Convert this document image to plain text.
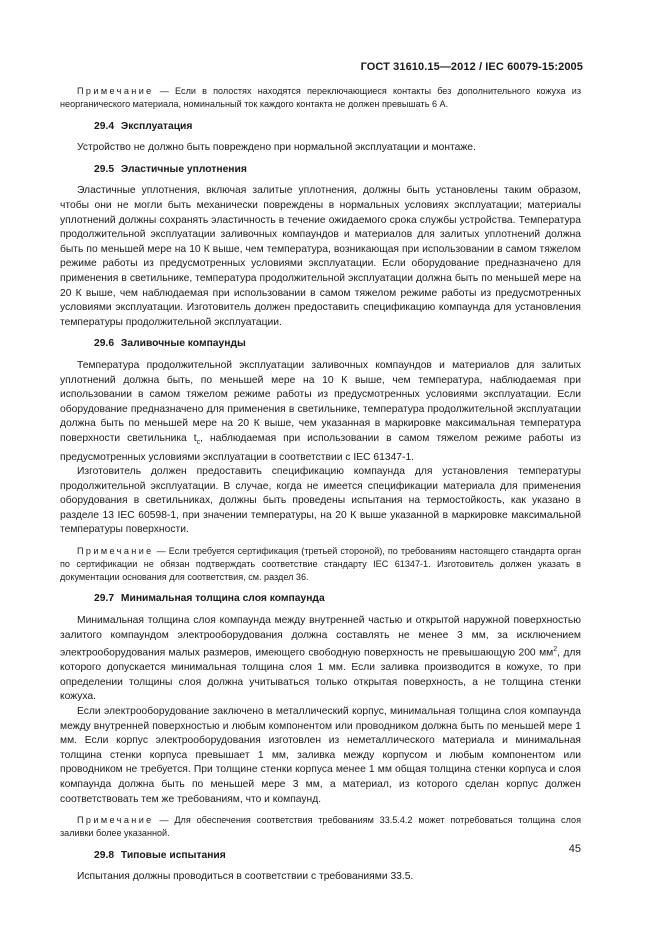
ГОСТ 31610.15—2012 / IEC 60079-15:2005

Примечание — Если в полостях находятся переключающиеся контакты без дополнительного кожуха из неорганического материала, номинальный ток каждого контакта не должен превышать 6 А.

29.4 Эксплуатация

Устройство не должно быть повреждено при нормальной эксплуатации и монтаже.

29.5 Эластичные уплотнения

Эластичные уплотнения, включая залитые уплотнения, должны быть установлены таким образом, чтобы они не могли быть механически повреждены в нормальных условиях эксплуатации; материалы уплотнений должны сохранять эластичность в течение ожидаемого срока службы устройства. Температура продолжительной эксплуатации заливочных компаундов и материалов для залитых уплотнений должна быть по меньшей мере на 10 К выше, чем температура, возникающая при использовании в самом тяжелом режиме работы из предусмотренных условиями эксплуатации. Если оборудование предназначено для применения в светильнике, температура продолжительной эксплуатации должна быть по меньшей мере на 20 К выше, чем наблюдаемая при использовании в самом тяжелом режиме работы из предусмотренных условиями эксплуатации. Изготовитель должен предоставить спецификацию компаунда для установления температуры продолжительной эксплуатации.

29.6 Заливочные компаунды

Температура продолжительной эксплуатации заливочных компаундов и материалов для залитых уплотнений должна быть, по меньшей мере на 10 К выше, чем температура, наблюдаемая при использовании в самом тяжелом режиме работы из предусмотренных условиями эксплуатации. Если оборудование предназначено для применения в светильнике, температура продолжительной эксплуатации должна быть по меньшей мере на 20 К выше, чем указанная в маркировке максимальная температура поверхности светильника $t_c$, наблюдаемая при использовании в самом тяжелом режиме работы из предусмотренных условиями эксплуатации в соответствии с IEC 61347-1.

Изготовитель должен предоставить спецификацию компаунда для установления температуры продолжительной эксплуатации. В случае, когда не имеется спецификации материала для применения оборудования в светильниках, должны быть проведены испытания на термостойкость, как указано в разделе 13 IEC 60598-1, при значении температуры, на 20 К выше указанной в маркировке максимальной температуры поверхности.

Примечание — Если требуется сертификация (третьей стороной), по требованиям настоящего стандарта орган по сертификации не обязан подтверждать соответствие стандарту IEC 61347-1. Изготовитель должен указать в документации основания для соответствия, см. раздел 36.

29.7 Минимальная толщина слоя компаунда

Минимальная толщина слоя компаунда между внутренней частью и открытой наружной поверхностью залитого компаундом электрооборудования должна составлять не менее 3 мм, за исключением электрооборудования малых размеров, имеющего свободную поверхность не превышающую 200 $мм^2$, для которого допускается минимальная толщина слоя 1 мм. Если заливка производится в кожухе, то при определении толщины слоя должна учитываться только открытая поверхность, а не толщина стенки кожуха.

Если электрооборудование заключено в металлический корпус, минимальная толщина слоя компаунда между внутренней поверхностью и любым компонентом или проводником должна быть по меньшей мере 1 мм. Если корпус электрооборудования изготовлен из неметаллического материала и минимальная толщина стенки корпуса превышает 1 мм, заливка между корпусом и любым компонентом или проводником не требуется. При толщине стенки корпуса менее 1 мм общая толщина стенки корпуса и слоя компаунда должна быть по меньшей мере 3 мм, а материал, из которого сделан корпус должен соответствовать тем же требованиям, что и компаунд.

Примечание — Для обеспечения соответствия требованиям 33.5.4.2 может потребоваться толщина слоя заливки более указанной.

29.8 Типовые испытания

Испытания должны проводиться в соответствии с требованиями 33.5.

45
